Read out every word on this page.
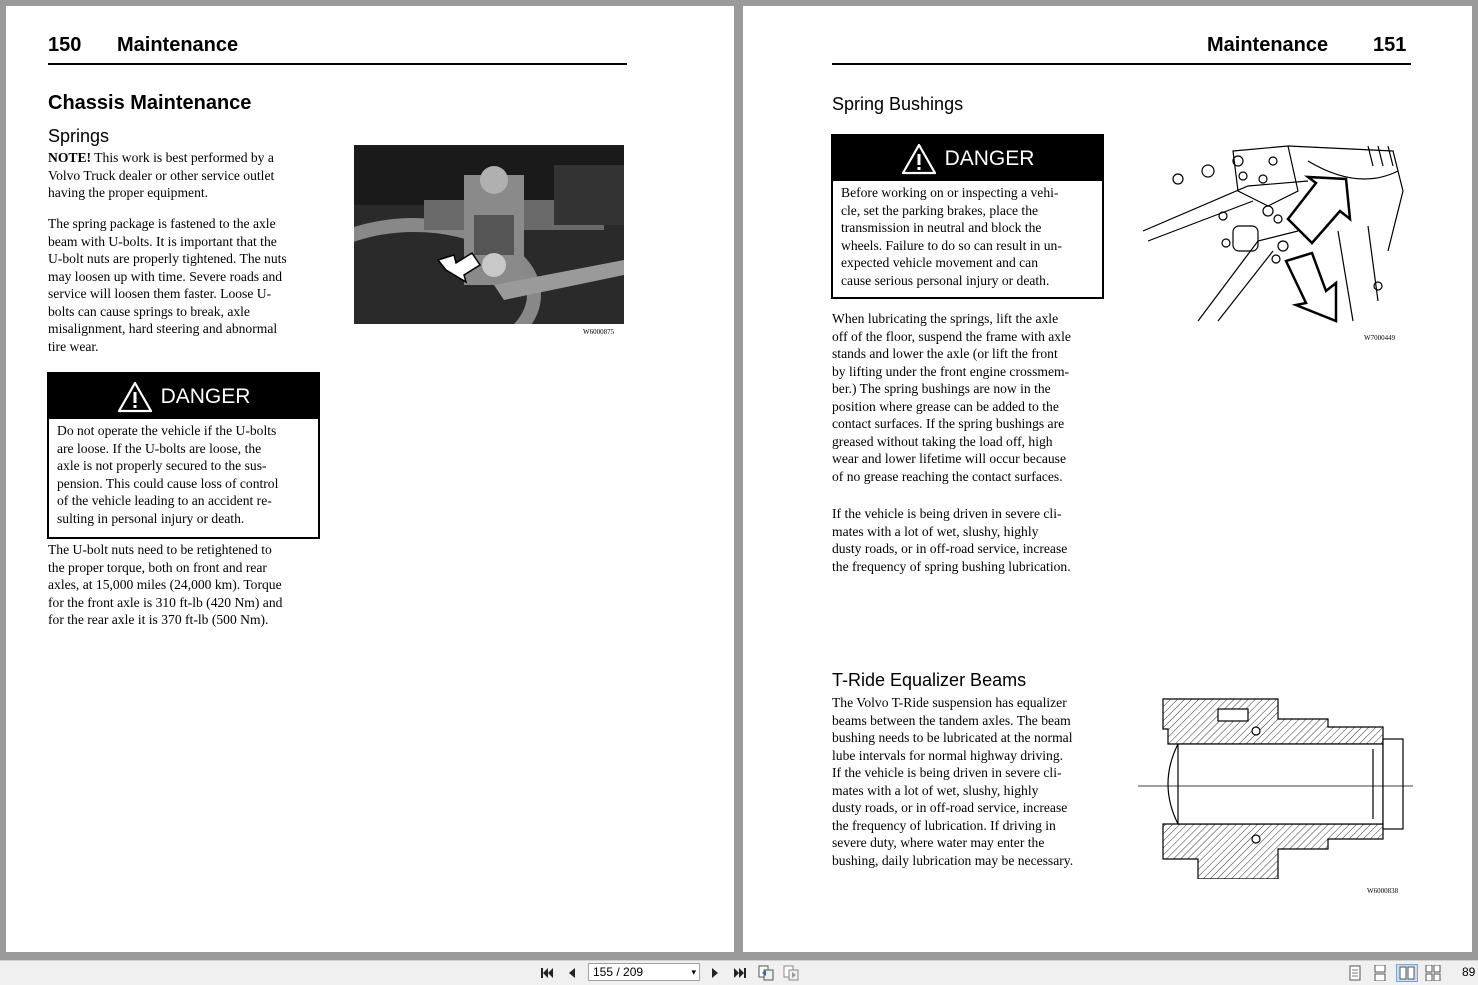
150 Maintenance
Chassis Maintenance
Springs

NOTE! This work is best performed by a
Volvo Truck dealer or other service outlet
having the proper equipment.

The spring package is fastened to the axle
beam with U-bolts. It is important that the
U-bolt nuts are properly tightened. The nuts
may loosen up with time. Severe roads and
service will loosen them faster. Loose U-
bolts can cause springs to break, axle
misalignment, hard steering and abnormal
tire wear.

DANGER
Do not operate the vehicle if the U-bolts
are loose. If the U-bolts are loose, the
axle is not properly secured to the sus-
pension. This could cause loss of control
of the vehicle leading to an accident re-
sulting in personal injury or death.

The U-bolt nuts need to be retightened to
the proper torque, both on front and rear
axles, at 15,000 miles (24,000 km). Torque
for the front axle is 310 ft-lb (420 Nm) and
for the rear axle it is 370 ft-lb (500 Nm).

W6000875
Maintenance 151
Spring Bushings
DANGER
Before working on or inspecting a vehi-
cle, set the parking brakes, place the
transmission in neutral and block the
wheels. Failure to do so can result in un-
expected vehicle movement and can
cause serious personal injury or death.

When lubricating the springs, lift the axle
off of the floor, suspend the frame with axle
stands and lower the axle (or lift the front
by lifting under the front engine crossmem-
ber.) The spring bushings are now in the
position where grease can be added to the
contact surfaces. If the spring bushings are
greased without taking the load off, high
wear and lower lifetime will occur because
of no grease reaching the contact surfaces.

If the vehicle is being driven in severe cli-
mates with a lot of wet, slushy, highly
dusty roads, or in off-road service, increase
the frequency of spring bushing lubrication.

W7000449
T-Ride Equalizer Beams

The Volvo T-Ride suspension has equalizer
beams between the tandem axles. The beam
bushing needs to be lubricated at the normal
lube intervals for normal highway driving.
If the vehicle is being driven in severe cli-
mates with a lot of wet, slushy, highly
dusty roads, or in off-road service, increase
the frequency of lubrication. If driving in
severe duty, where water may enter the
bushing, daily lubrication may be necessary.

W6000838
155 / 209	▾	89
